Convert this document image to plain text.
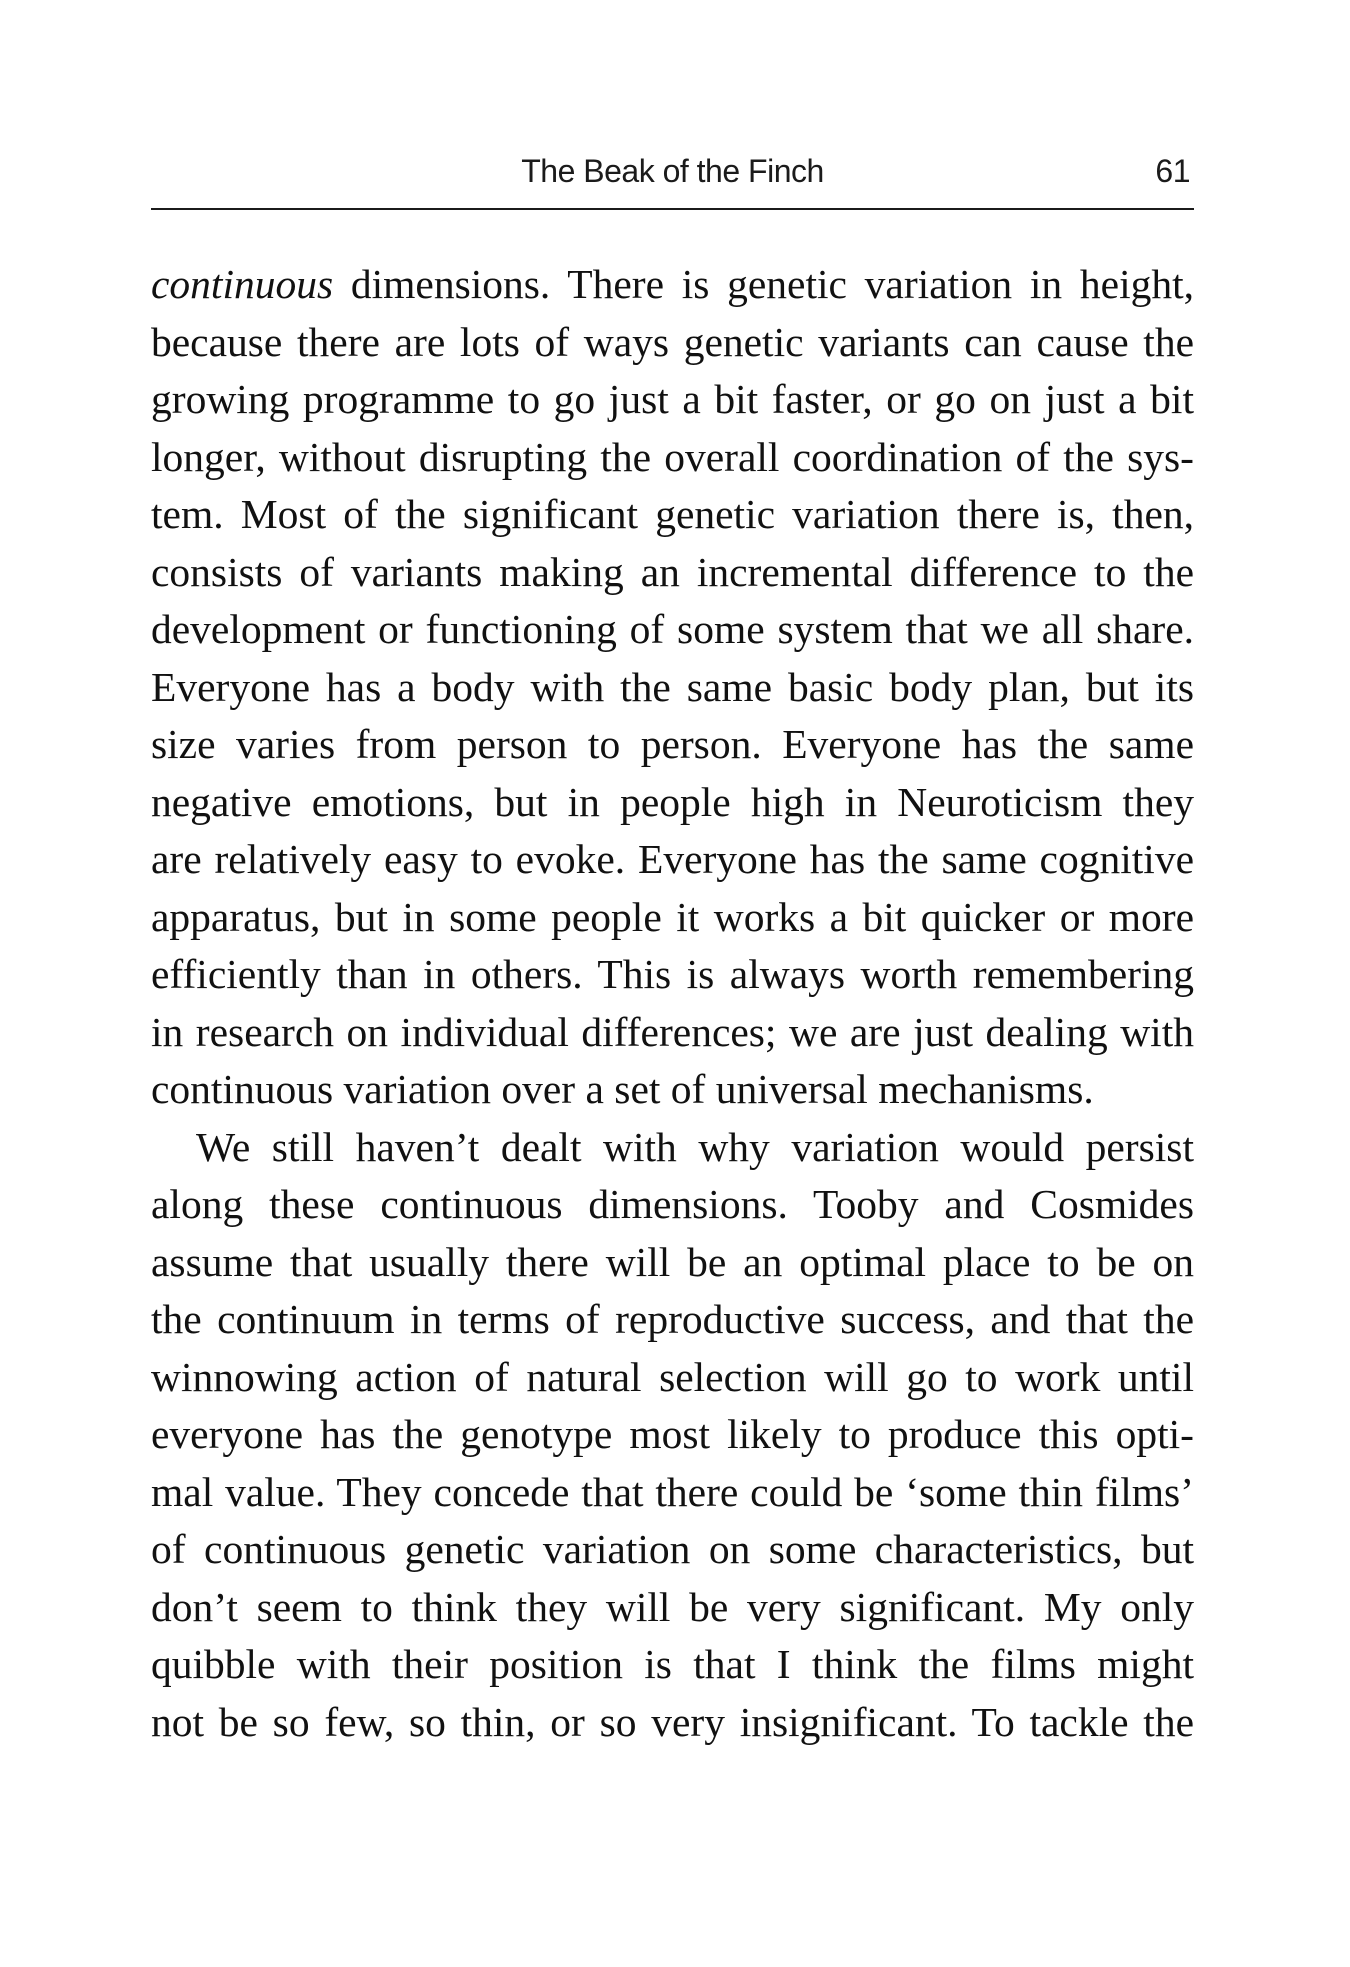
The Beak of the Finch	61
continuous dimensions. There is genetic variation in height,
because there are lots of ways genetic variants can cause the
growing programme to go just a bit faster, or go on just a bit
longer, without disrupting the overall coordination of the sys-
tem. Most of the significant genetic variation there is, then,
consists of variants making an incremental difference to the
development or functioning of some system that we all share.
Everyone has a body with the same basic body plan, but its
size varies from person to person. Everyone has the same
negative emotions, but in people high in Neuroticism they
are relatively easy to evoke. Everyone has the same cognitive
apparatus, but in some people it works a bit quicker or more
efficiently than in others. This is always worth remembering
in research on individual differences; we are just dealing with
continuous variation over a set of universal mechanisms.
We still haven’t dealt with why variation would persist
along these continuous dimensions. Tooby and Cosmides
assume that usually there will be an optimal place to be on
the continuum in terms of reproductive success, and that the
winnowing action of natural selection will go to work until
everyone has the genotype most likely to produce this opti-
mal value. They concede that there could be ‘some thin films’
of continuous genetic variation on some characteristics, but
don’t seem to think they will be very significant. My only
quibble with their position is that I think the films might
not be so few, so thin, or so very insignificant. To tackle the
